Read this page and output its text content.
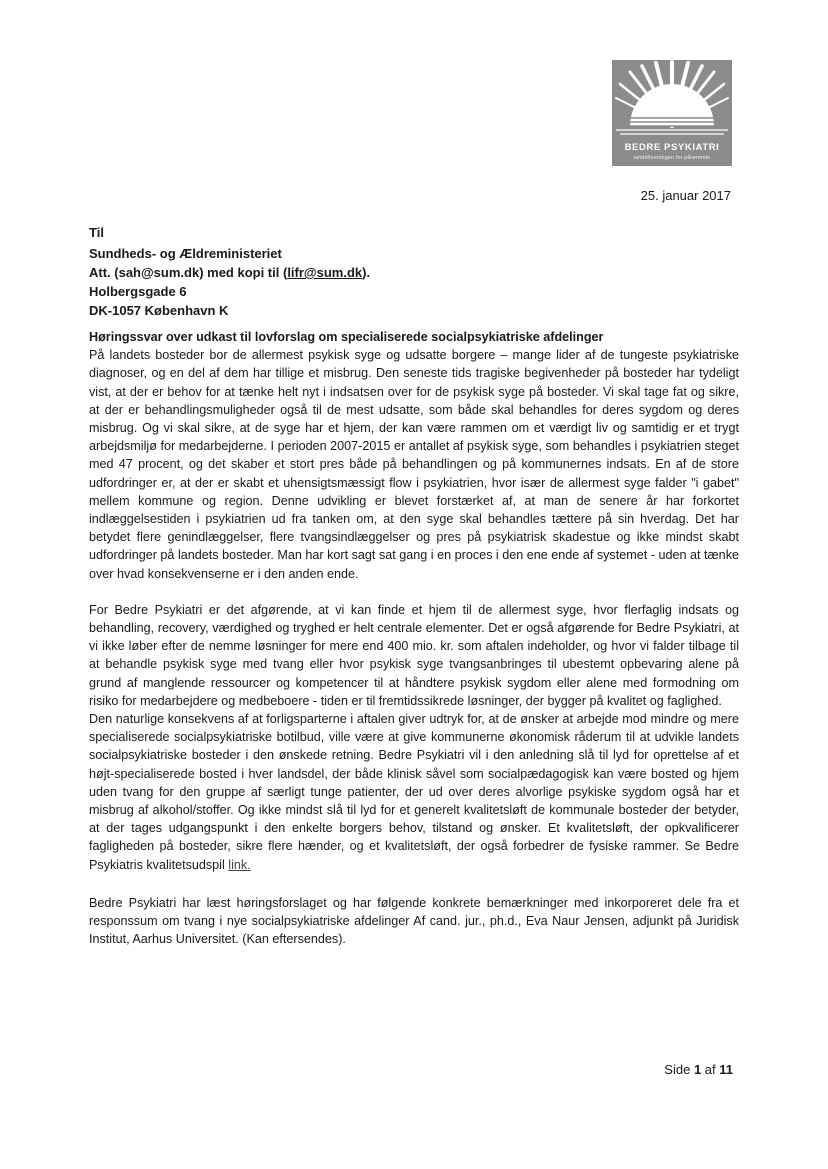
BEDRE PSYKIATRI
landsforeningen for pårørende
25. januar 2017
Til
Sundheds- og Ældreministeriet
Att. (sah@sum.dk) med kopi til (lifr@sum.dk).
Holbergsgade 6
DK-1057 København K

Høringssvar over udkast til lovforslag om specialiserede socialpsykiatriske afdelinger

På landets bosteder bor de allermest psykisk syge og udsatte borgere – mange lider af de tungeste psykiatriske diagnoser, og en del af dem har tillige et misbrug. Den seneste tids tragiske begivenheder på bosteder har tydeligt vist, at der er behov for at tænke helt nyt i indsatsen over for de psykisk syge på bosteder. Vi skal tage fat og sikre, at der er behandlingsmuligheder også til de mest udsatte, som både skal behandles for deres sygdom og deres misbrug. Og vi skal sikre, at de syge har et hjem, der kan være rammen om et værdigt liv og samtidig er et trygt arbejdsmiljø for medarbejderne. I perioden 2007-2015 er antallet af psykisk syge, som behandles i psykiatrien steget med 47 procent, og det skaber et stort pres både på behandlingen og på kommunernes indsats. En af de store udfordringer er, at der er skabt et uhensigtsmæssigt flow i psykiatrien, hvor især de allermest syge falder "i gabet" mellem kommune og region. Denne udvikling er blevet forstærket af, at man de senere år har forkortet indlæggelsestiden i psykiatrien ud fra tanken om, at den syge skal behandles tættere på sin hverdag. Det har betydet flere genindlæggelser, flere tvangsindlæggelser og pres på psykiatrisk skadestue og ikke mindst skabt udfordringer på landets bosteder. Man har kort sagt sat gang i en proces i den ene ende af systemet - uden at tænke over hvad konsekvenserne er i den anden ende.

For Bedre Psykiatri er det afgørende, at vi kan finde et hjem til de allermest syge, hvor flerfaglig indsats og behandling, recovery, værdighed og tryghed er helt centrale elementer. Det er også afgørende for Bedre Psykiatri, at vi ikke løber efter de nemme løsninger for mere end 400 mio. kr. som aftalen indeholder, og hvor vi falder tilbage til at behandle psykisk syge med tvang eller hvor psykisk syge tvangsanbringes til ubestemt opbevaring alene på grund af manglende ressourcer og kompetencer til at håndtere psykisk sygdom eller alene med formodning om risiko for medarbejdere og medbeboere - tiden er til fremtidssikrede løsninger, der bygger på kvalitet og faglighed.

Den naturlige konsekvens af at forligsparterne i aftalen giver udtryk for, at de ønsker at arbejde mod mindre og mere specialiserede socialpsykiatriske botilbud, ville være at give kommunerne økonomisk råderum til at udvikle landets socialpsykiatriske bosteder i den ønskede retning. Bedre Psykiatri vil i den anledning slå til lyd for oprettelse af et højt-specialiserede bosted i hver landsdel, der både klinisk såvel som socialpædagogisk kan være bosted og hjem uden tvang for den gruppe af særligt tunge patienter, der ud over deres alvorlige psykiske sygdom også har et misbrug af alkohol/stoffer. Og ikke mindst slå til lyd for et generelt kvalitetsløft de kommunale bosteder der betyder, at der tages udgangspunkt i den enkelte borgers behov, tilstand og ønsker. Et kvalitetsløft, der opkvalificerer fagligheden på bosteder, sikre flere hænder, og et kvalitetsløft, der også forbedrer de fysiske rammer. Se Bedre Psykiatris kvalitetsudspil link.

Bedre Psykiatri har læst høringsforslaget og har følgende konkrete bemærkninger med inkorporeret dele fra et responssum om tvang i nye socialpsykiatriske afdelinger Af cand. jur., ph.d., Eva Naur Jensen, adjunkt på Juridisk Institut, Aarhus Universitet. (Kan eftersendes).

Side 1 af 11
